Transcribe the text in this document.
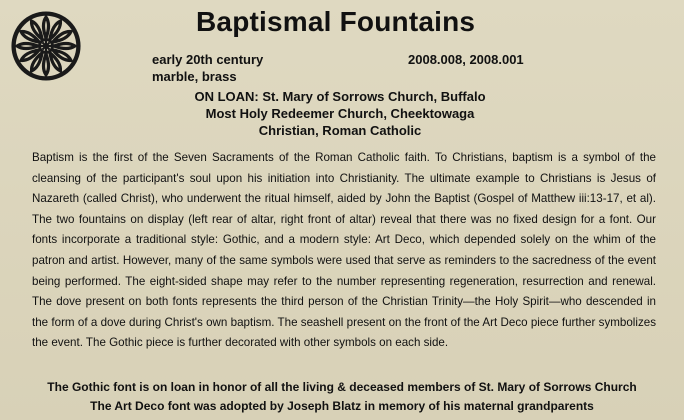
Baptismal Fountains
early 20th century
marble, brass
2008.008, 2008.001
ON LOAN: St. Mary of Sorrows Church, Buffalo
Most Holy Redeemer Church, Cheektowaga
Christian, Roman Catholic
Baptism is the first of the Seven Sacraments of the Roman Catholic faith. To Christians, baptism is a symbol of the cleansing of the participant's soul upon his initiation into Christianity. The ultimate example to Christians is Jesus of Nazareth (called Christ), who underwent the ritual himself, aided by John the Baptist (Gospel of Matthew iii:13-17, et al). The two fountains on display (left rear of altar, right front of altar) reveal that there was no fixed design for a font. Our fonts incorporate a traditional style: Gothic, and a modern style: Art Deco, which depended solely on the whim of the patron and artist. However, many of the same symbols were used that serve as reminders to the sacredness of the event being performed. The eight-sided shape may refer to the number representing regeneration, resurrection and renewal. The dove present on both fonts represents the third person of the Christian Trinity—the Holy Spirit—who descended in the form of a dove during Christ's own baptism. The seashell present on the front of the Art Deco piece further symbolizes the event. The Gothic piece is further decorated with other symbols on each side.
The Gothic font is on loan in honor of all the living & deceased members of St. Mary of Sorrows Church
The Art Deco font was adopted by Joseph Blatz in memory of his maternal grandparents
